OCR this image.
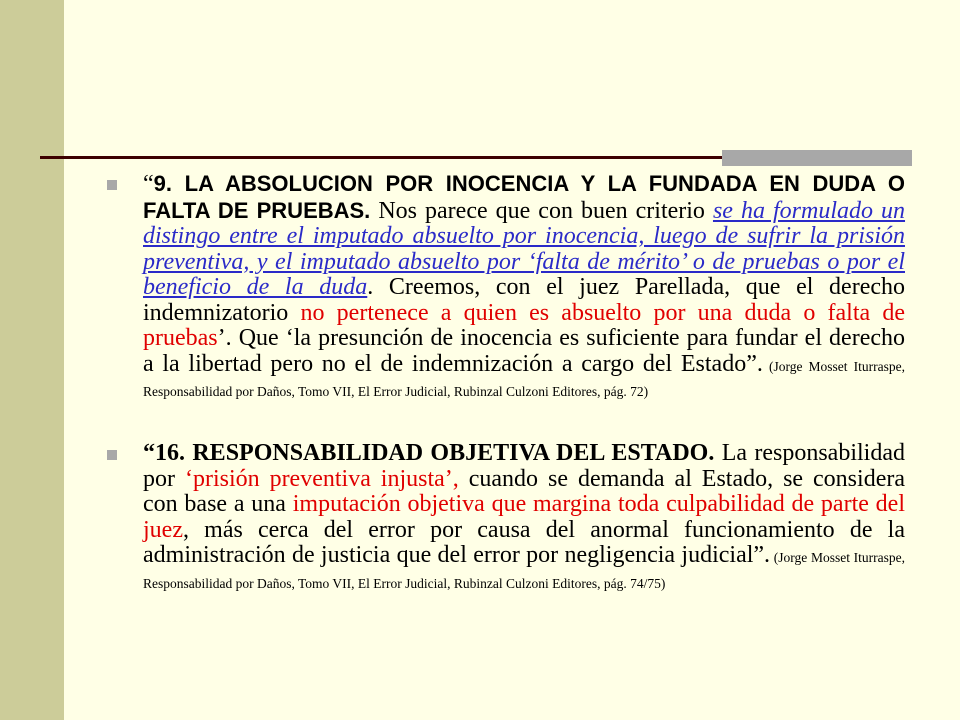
“9. LA ABSOLUCION POR INOCENCIA Y LA FUNDADA EN DUDA O FALTA DE PRUEBAS. Nos parece que con buen criterio se ha formulado un distingo entre el imputado absuelto por inocencia, luego de sufrir la prisión preventiva, y el imputado absuelto por ‘falta de mérito’ o de pruebas o por el beneficio de la duda. Creemos, con el juez Parellada, que el derecho indemnizatorio no pertenece a quien es absuelto por una duda o falta de pruebas’. Que ‘la presunción de inocencia es suficiente para fundar el derecho a la libertad pero no el de indemnización a cargo del Estado”. (Jorge Mosset Iturraspe, Responsabilidad por Daños, Tomo VII, El Error Judicial, Rubinzal Culzoni Editores, pág. 72)

“16. RESPONSABILIDAD OBJETIVA DEL ESTADO. La responsabilidad por ‘prisión preventiva injusta’, cuando se demanda al Estado, se considera con base a una imputación objetiva que margina toda culpabilidad de parte del juez, más cerca del error por causa del anormal funcionamiento de la administración de justicia que del error por negligencia judicial”. (Jorge Mosset Iturraspe, Responsabilidad por Daños, Tomo VII, El Error Judicial, Rubinzal Culzoni Editores, pág. 74/75)
